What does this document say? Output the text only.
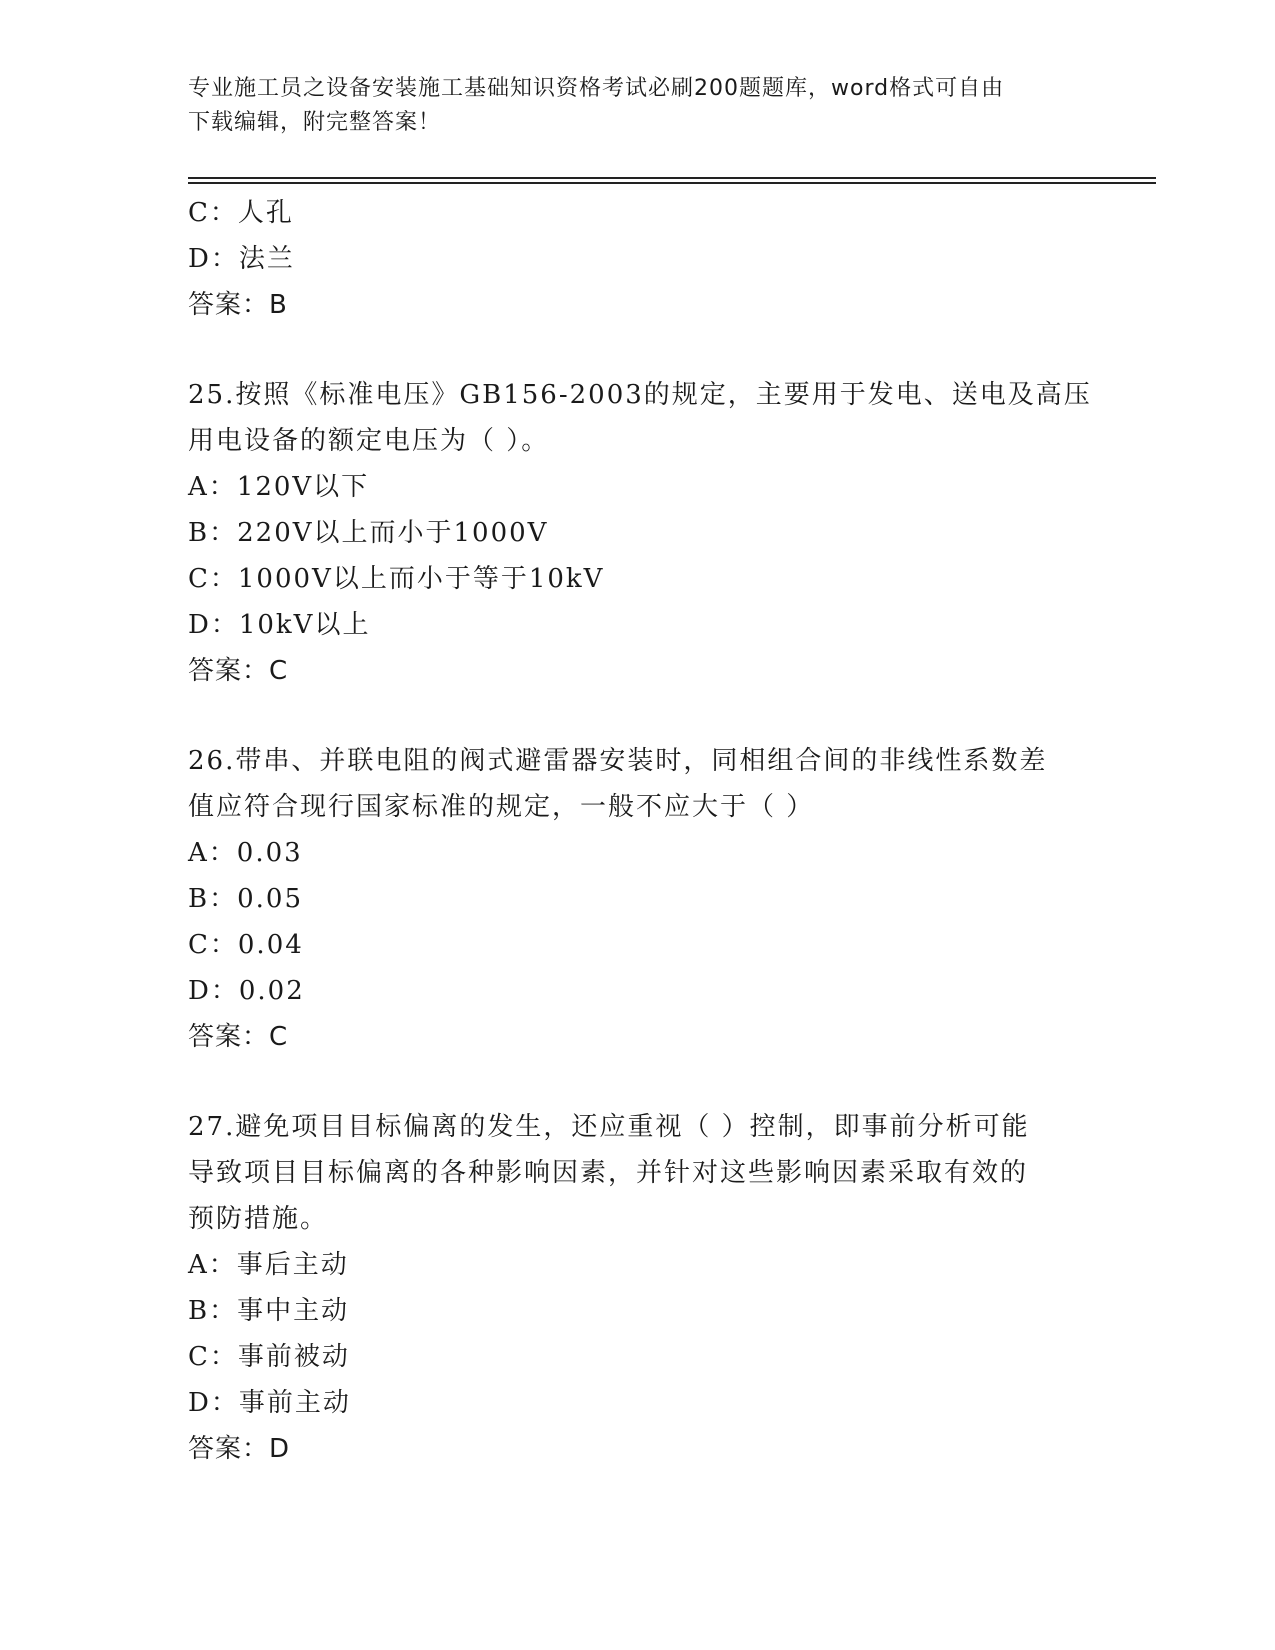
专业施工员之设备安装施工基础知识资格考试必刷200题题库，word格式可自由
下载编辑，附完整答案！
C：人孔
D：法兰
答案：B
25.按照《标准电压》GB156-2003的规定，主要用于发电、送电及高压
用电设备的额定电压为（ ）。
A：120V以下
B：220V以上而小于1000V
C：1000V以上而小于等于10kV
D：10kV以上
答案：C
26.带串、并联电阻的阀式避雷器安装时，同相组合间的非线性系数差
值应符合现行国家标准的规定，一般不应大于（ ）
A：0.03
B：0.05
C：0.04
D：0.02
答案：C
27.避免项目目标偏离的发生，还应重视（ ）控制，即事前分析可能
导致项目目标偏离的各种影响因素，并针对这些影响因素采取有效的
预防措施。
A：事后主动
B：事中主动
C：事前被动
D：事前主动
答案：D
